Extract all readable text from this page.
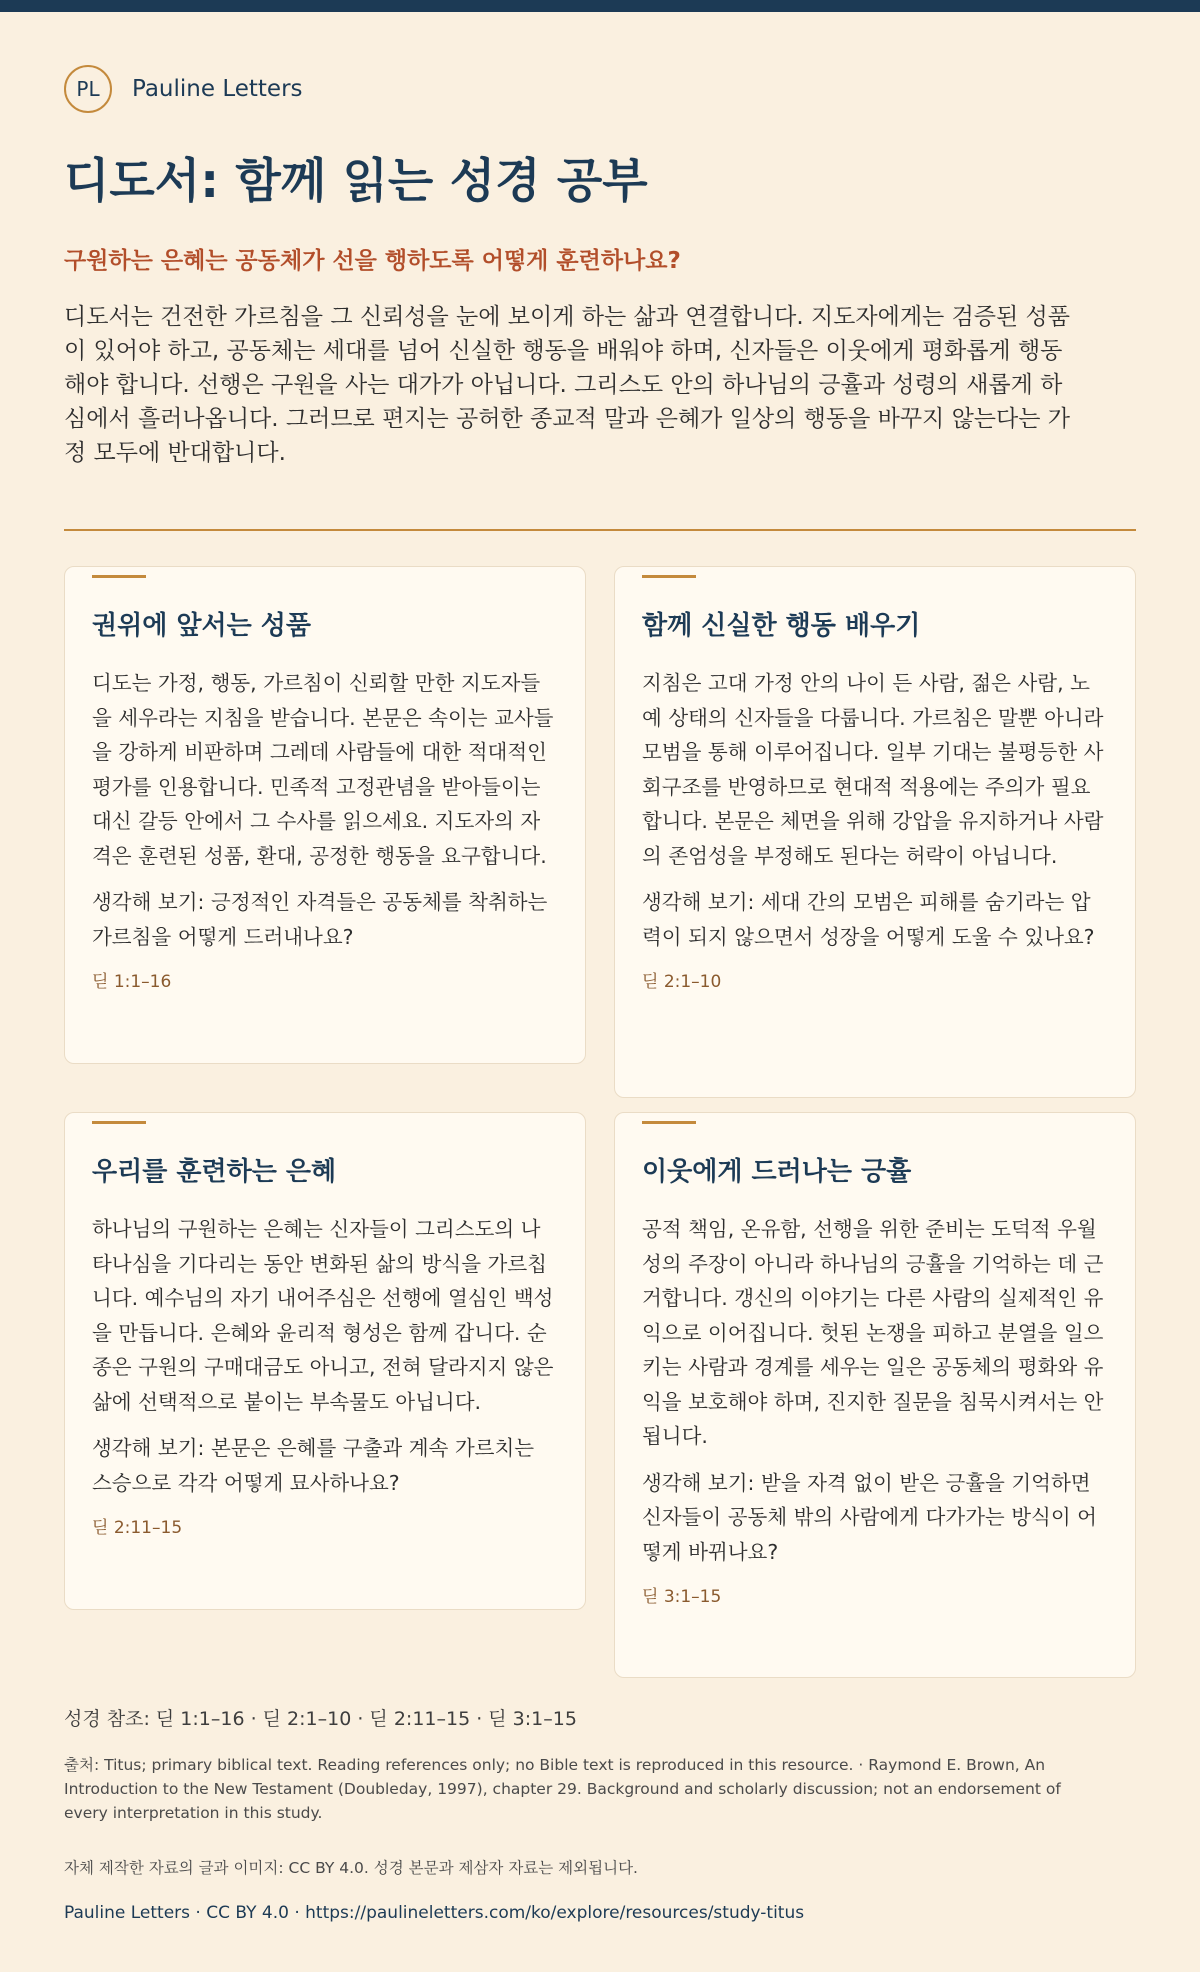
PL	Pauline Letters
디도서: 함께 읽는 성경 공부
구원하는 은혜는 공동체가 선을 행하도록 어떻게 훈련하나요?

디도서는 건전한 가르침을 그 신뢰성을 눈에 보이게 하는 삶과 연결합니다. 지도자에게는 검증된 성품이 있어야 하고, 공동체는 세대를 넘어 신실한 행동을 배워야 하며, 신자들은 이웃에게 평화롭게 행동해야 합니다. 선행은 구원을 사는 대가가 아닙니다. 그리스도 안의 하나님의 긍휼과 성령의 새롭게 하심에서 흘러나옵니다. 그러므로 편지는 공허한 종교적 말과 은혜가 일상의 행동을 바꾸지 않는다는 가정 모두에 반대합니다.

권위에 앞서는 성품

디도는 가정, 행동, 가르침이 신뢰할 만한 지도자들을 세우라는 지침을 받습니다. 본문은 속이는 교사들을 강하게 비판하며 그레데 사람들에 대한 적대적인 평가를 인용합니다. 민족적 고정관념을 받아들이는 대신 갈등 안에서 그 수사를 읽으세요. 지도자의 자격은 훈련된 성품, 환대, 공정한 행동을 요구합니다.

생각해 보기: 긍정적인 자격들은 공동체를 착취하는 가르침을 어떻게 드러내나요?

딛 1:1–16

함께 신실한 행동 배우기

지침은 고대 가정 안의 나이 든 사람, 젊은 사람, 노예 상태의 신자들을 다룹니다. 가르침은 말뿐 아니라 모범을 통해 이루어집니다. 일부 기대는 불평등한 사회구조를 반영하므로 현대적 적용에는 주의가 필요합니다. 본문은 체면을 위해 강압을 유지하거나 사람의 존엄성을 부정해도 된다는 허락이 아닙니다.

생각해 보기: 세대 간의 모범은 피해를 숨기라는 압력이 되지 않으면서 성장을 어떻게 도울 수 있나요?

딛 2:1–10

우리를 훈련하는 은혜

하나님의 구원하는 은혜는 신자들이 그리스도의 나타나심을 기다리는 동안 변화된 삶의 방식을 가르칩니다. 예수님의 자기 내어주심은 선행에 열심인 백성을 만듭니다. 은혜와 윤리적 형성은 함께 갑니다. 순종은 구원의 구매대금도 아니고, 전혀 달라지지 않은 삶에 선택적으로 붙이는 부속물도 아닙니다.

생각해 보기: 본문은 은혜를 구출과 계속 가르치는 스승으로 각각 어떻게 묘사하나요?

딛 2:11–15

이웃에게 드러나는 긍휼

공적 책임, 온유함, 선행을 위한 준비는 도덕적 우월성의 주장이 아니라 하나님의 긍휼을 기억하는 데 근거합니다. 갱신의 이야기는 다른 사람의 실제적인 유익으로 이어집니다. 헛된 논쟁을 피하고 분열을 일으키는 사람과 경계를 세우는 일은 공동체의 평화와 유익을 보호해야 하며, 진지한 질문을 침묵시켜서는 안 됩니다.

생각해 보기: 받을 자격 없이 받은 긍휼을 기억하면 신자들이 공동체 밖의 사람에게 다가가는 방식이 어떻게 바뀌나요?

딛 3:1–15

성경 참조: 딛 1:1–16 · 딛 2:1–10 · 딛 2:11–15 · 딛 3:1–15

출처: Titus; primary biblical text. Reading references only; no Bible text is reproduced in this resource. · Raymond E. Brown, An Introduction to the New Testament (Doubleday, 1997), chapter 29. Background and scholarly discussion; not an endorsement of every interpretation in this study.

자체 제작한 자료의 글과 이미지: CC BY 4.0. 성경 본문과 제삼자 자료는 제외됩니다.

Pauline Letters · CC BY 4.0 · https://paulineletters.com/ko/explore/resources/study-titus
